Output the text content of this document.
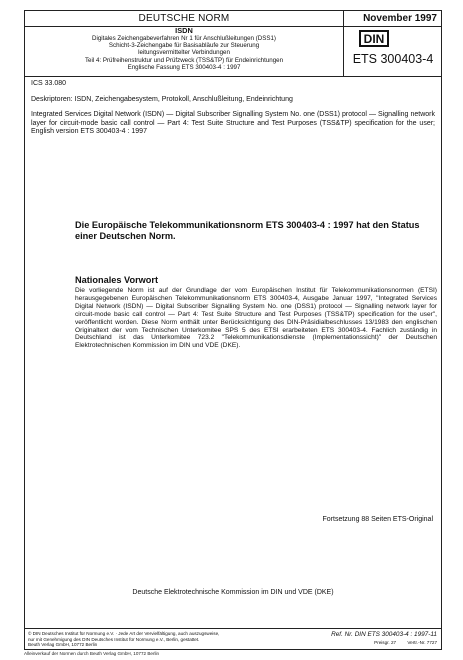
DEUTSCHE NORM	November 1997
ISDN
Digitales Zeichengabeverfahren Nr 1 für Anschlußleitungen (DSS1)
Schicht-3-Zeichengabe für Basisabläufe zur Steuerung
leitungsvermittelter Verbindungen
Teil 4: Prüfreihenstruktur und Prüfzweck (TSS&TP) für Endeinrichtungen
Englische Fassung ETS 300403-4 : 1997
DIN
ETS 300403-4
ICS 33.080
Deskriptoren: ISDN, Zeichengabesystem, Protokoll, Anschlußleitung, Endeinrichtung
Integrated Services Digital Network (ISDN) — Digital Subscriber Signalling System No. one (DSS1) protocol — Signalling network layer for circuit-mode basic call control — Part 4: Test Suite Structure and Test Purposes (TSS&TP) specification for the user; English version ETS 300403-4 : 1997
Die Europäische Telekommunikationsnorm ETS 300403-4 : 1997 hat den Status einer Deutschen Norm.
Nationales Vorwort
Die vorliegende Norm ist auf der Grundlage der vom Europäischen Institut für Telekommunikationsnormen (ETSI) herausgegebenen Europäischen Telekommunikationsnorm ETS 300403-4, Ausgabe Januar 1997, "Integrated Services Digital Network (ISDN) — Digital Subscriber Signalling System No. one (DSS1) protocol — Signalling network layer for circuit-mode basic call control — Part 4: Test Suite Structure and Test Purposes (TSS&TP) specification for the user", veröffentlicht worden. Diese Norm enthält unter Berücksichtigung des DIN-Präsidialbeschlusses 13/1983 den englischen Originaltext der vom Technischen Unterkomitee SPS 5 des ETSI erarbeiteten ETS 300403-4. Fachlich zuständig in Deutschland ist das Unterkomitee 723.2 "Telekommunikationsdienste (Implementationssicht)" der Deutschen Elektrotechnischen Kommission im DIN und VDE (DKE).
Fortsetzung 88 Seiten ETS-Original
Deutsche Elektrotechnische Kommission im DIN und VDE (DKE)
© DIN Deutsches Institut für Normung e.V. · Jede Art der Vervielfältigung, auch auszugsweise,
nur mit Genehmigung des DIN Deutsches Institut für Normung e.V., Berlin, gestattet.
Beuth Verlag GmbH, 10772 Berlin
Ref. Nr. DIN ETS 300403-4 : 1997-11
Preisgr. 27 Vertr.-Nr. 7727
Alleinverkauf der Normen durch Beuth Verlag GmbH, 10772 Berlin
